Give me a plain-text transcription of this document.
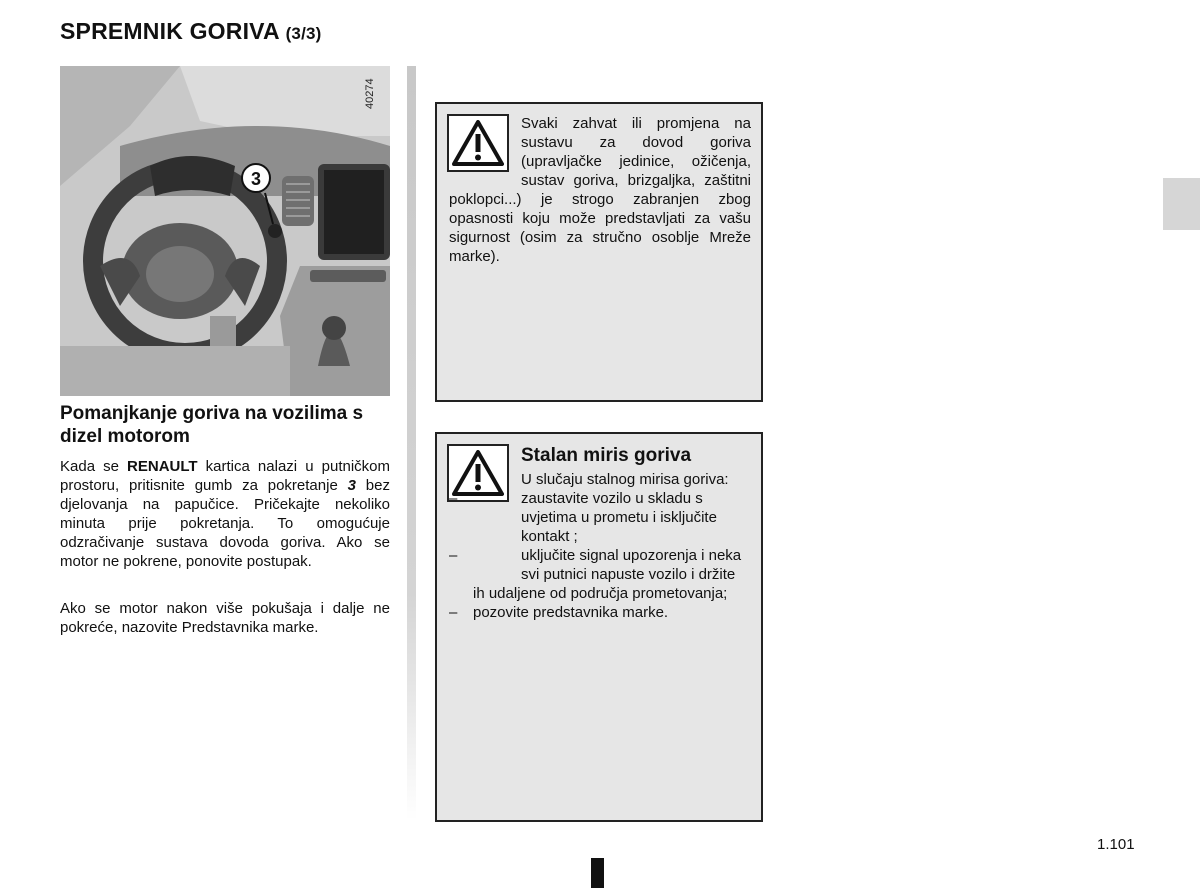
SPREMNIK GORIVA (3/3)
3
40274
Pomanjkanje goriva na vozilima s dizel motorom

Kada se RENAULT kartica nalazi u putničkom prostoru, pritisnite gumb za pokretanje 3 bez djelovanja na papučice. Pričekajte nekoliko minuta prije pokretanja. To omogućuje odzračivanje sustava dovoda goriva. Ako se motor ne pokrene, ponovite postupak.

Ako se motor nakon više pokušaja i dalje ne pokreće, nazovite Predstavnika marke.

Svaki zahvat ili promjena na sustavu za dovod goriva (upravljačke jedinice, ožičenja, sustav goriva, brizgaljka, zaštitni poklopci...) je strogo zabranjen zbog opasnosti koju može predstavljati za vašu sigurnost (osim za stručno osoblje Mreže marke).
Stalan miris goriva
U slučaju stalnog mirisa goriva:
– zaustavite vozilo u skladu s uvjetima u prometu i isključite kontakt ;
– uključite signal upozorenja i neka svi putnici napuste vozilo i držite ih udaljene od područja prometovanja;
– pozovite predstavnika marke.
1.101
